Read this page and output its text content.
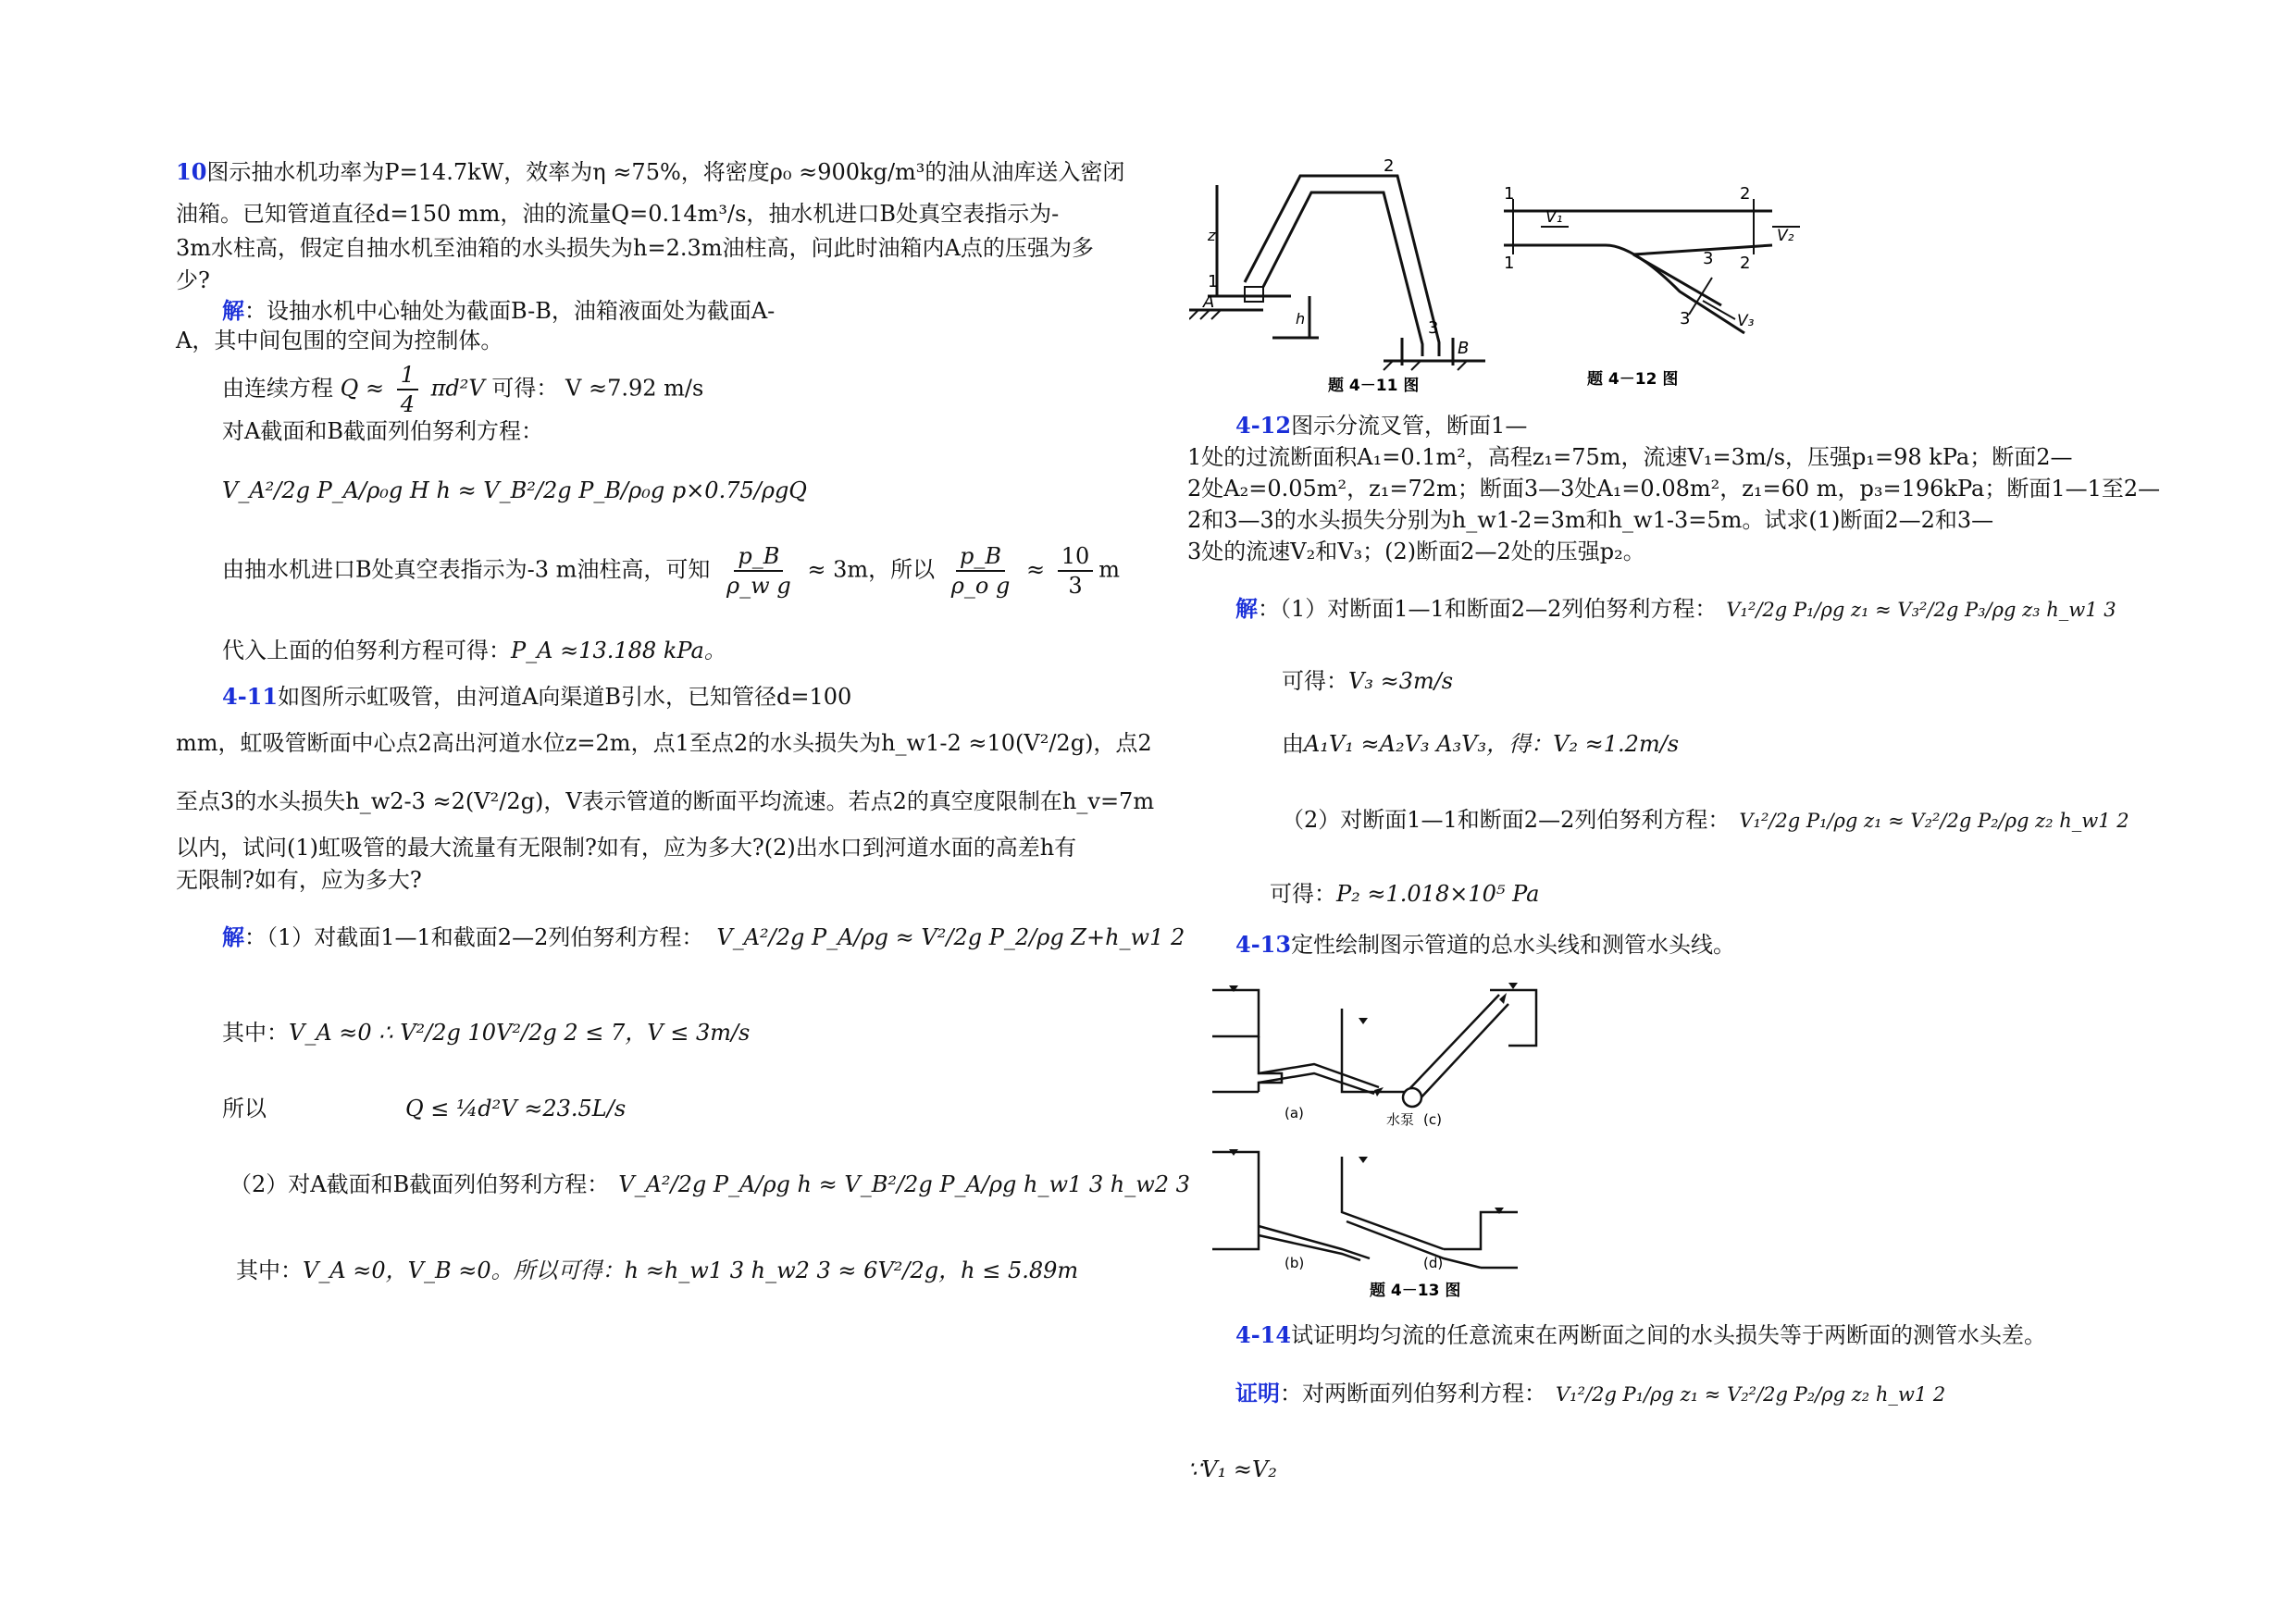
10图示抽水机功率为P=14.7kW，效率为η ≈75%，将密度ρ₀ ≈900kg/m³的油从油库送入密闭
油箱。已知管道直径d=150 mm，油的流量Q=0.14m³/s，抽水机进口B处真空表指示为-
3m水柱高，假定自抽水机至油箱的水头损失为h=2.3m油柱高，问此时油箱内A点的压强为多
少?
解：设抽水机中心轴处为截面B-B，油箱液面处为截面A-
A，其中间包围的空间为控制体。
由连续方程 $Q \approx \frac{1}{4} \pi d^2V$ 可得： V ≈7.92 m/s
对A截面和B截面列伯努利方程：
V_A²/2g P_A/ρ₀g H h ≈ V_B²/2g P_B/ρ₀g p×0.75/ρgQ
由抽水机进口B处真空表指示为-3 m油柱高，可知 $\frac{p\_B}{\text{ρ\_w g}} \approx 3m$，所以 $\frac{p\_B}{\text{ρ\_o g}} \approx \frac{10}{3}$ m
代入上面的伯努利方程可得：P_A ≈13.188 kPa。
4-11如图所示虹吸管，由河道A向渠道B引水，已知管径d=100
mm，虹吸管断面中心点2高出河道水位z=2m，点1至点2的水头损失为h_w1-2 ≈10(V²/2g)，点2
至点3的水头损失h_w2-3 ≈2(V²/2g)，V表示管道的断面平均流速。若点2的真空度限制在h_v=7m
以内，试问(1)虹吸管的最大流量有无限制?如有，应为多大?(2)出水口到河道水面的高差h有
无限制?如有，应为多大?
解：（1）对截面1—1和截面2—2列伯努利方程： V_A²/2g P_A/ρg ≈ V²/2g P_2/ρg Z+h_w1 2
其中：V_A ≈0 ∴ V²/2g 10V²/2g 2 ≤ 7，V ≤ 3m/s
所以	Q ≤ ¼d²V ≈23.5L/s
（2）对A截面和B截面列伯努利方程： V_A²/2g P_A/ρg h ≈ V_B²/2g P_A/ρg h_w1 3 h_w2 3
其中：V_A ≈0，V_B ≈0。所以可得：h ≈h_w1 3 h_w2 3 ≈ 6V²/2g，h ≤ 5.89m
2
z
1
A
h	3
B
题 4－11 图
1
1
2
2
V₁
V₂
3
3	V₃
题 4－12 图
4-12图示分流叉管，断面1—
1处的过流断面积A₁=0.1m²，高程z₁=75m，流速V₁=3m/s，压强p₁=98 kPa；断面2—
2处A₂=0.05m²，z₁=72m；断面3—3处A₁=0.08m²，z₁=60 m，p₃=196kPa；断面1—1至2—
2和3—3的水头损失分别为h_w1-2=3m和h_w1-3=5m。试求(1)断面2—2和3—
3处的流速V₂和V₃；(2)断面2—2处的压强p₂。
解：（1）对断面1—1和断面2—2列伯努利方程： V₁²/2g P₁/ρg z₁ ≈ V₃²/2g P₃/ρg z₃ h_w1 3
可得：V₃ ≈3m/s
由A₁V₁ ≈A₂V₃ A₃V₃，得：V₂ ≈1.2m/s
（2）对断面1—1和断面2—2列伯努利方程： V₁²/2g P₁/ρg z₁ ≈ V₂²/2g P₂/ρg z₂ h_w1 2
可得：P₂ ≈1.018×10⁵ Pa
4-13定性绘制图示管道的总水头线和测管水头线。
(a)	水泵 (c)
(b)	(d)
题 4－13 图
4-14试证明均匀流的任意流束在两断面之间的水头损失等于两断面的测管水头差。
证明：对两断面列伯努利方程： V₁²/2g P₁/ρg z₁ ≈ V₂²/2g P₂/ρg z₂ h_w1 2
∵V₁ ≈V₂
